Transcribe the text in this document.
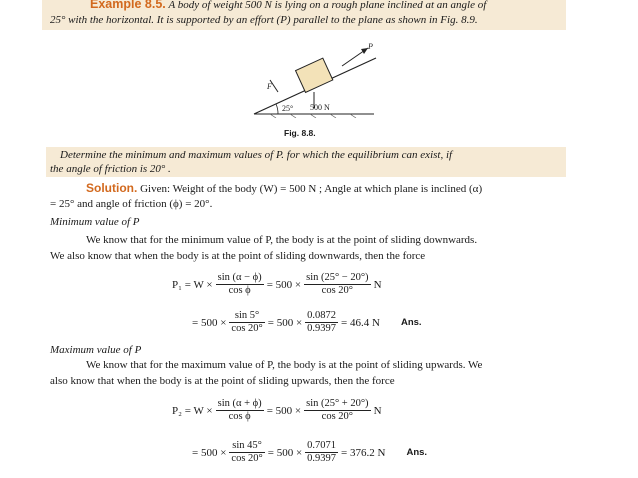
Example 8.5. A body of weight 500 N is lying on a rough plane inclined at an angle of
25° with the horizontal. It is supported by an effort (P) parallel to the plane as shown in Fig. 8.9.
P
F
25° 500 N
Fig. 8.8.
Determine the minimum and maximum values of P. for which the equilibrium can exist, if
the angle of friction is 20° .
Solution. Given: Weight of the body (W) = 500 N ; Angle at which plane is inclined (α)
= 25° and angle of friction (ϕ) = 20°.
Minimum value of P
We know that for the minimum value of P, the body is at the point of sliding downwards.
We also know that when the body is at the point of sliding downwards, then the force
$P_1 = W \times \frac{\sin (\alpha - \phi)}{\text{cos ϕ}} = 500 \times \frac{\sin (25^\circ - 20^\circ)}{\cos 20^\circ}$ N
= $500 \times \frac{\sin 5^\circ}{\cos 20^\circ} = 500 \times \frac{0.0872}{0.9397} = 46.4$ N Ans.
Maximum value of P
We know that for the maximum value of P, the body is at the point of sliding upwards. We
also know that when the body is at the point of sliding upwards, then the force
$P_2 = W \times \frac{\sin (\alpha + \phi)}{\text{cos ϕ}} = 500 \times \frac{\sin (25^\circ + 20^\circ)}{\cos 20^\circ}$ N
= $500 \times \frac{\sin 45^\circ}{\cos 20^\circ} = 500 \times \frac{0.7071}{0.9397} = 376.2$ N Ans.
